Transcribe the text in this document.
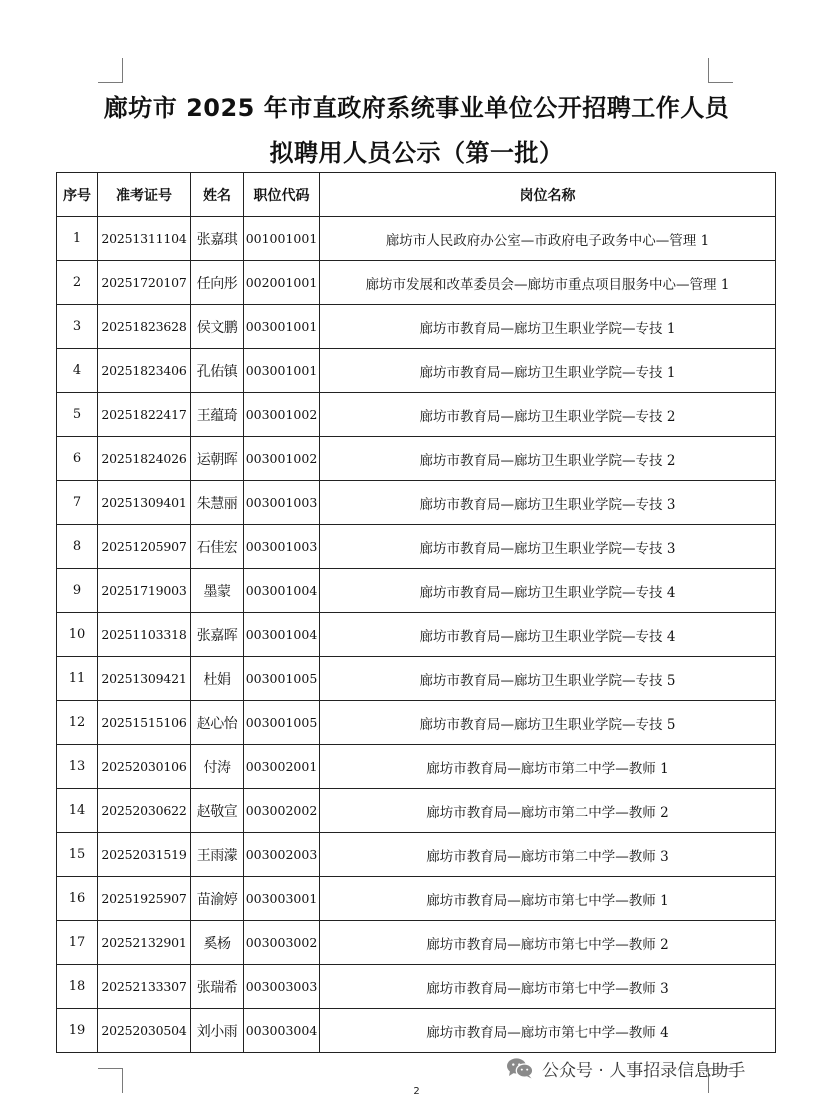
廊坊市 2025 年市直政府系统事业单位公开招聘工作人员
拟聘用人员公示（第一批）
序号	准考证号	姓名	职位代码	岗位名称
1	20251311104	张嘉琪	001001001	廊坊市人民政府办公室—市政府电子政务中心—管理 1
2	20251720107	任向彤	002001001	廊坊市发展和改革委员会—廊坊市重点项目服务中心—管理 1
3	20251823628	侯文鹏	003001001	廊坊市教育局—廊坊卫生职业学院—专技 1
4	20251823406	孔佑镇	003001001	廊坊市教育局—廊坊卫生职业学院—专技 1
5	20251822417	王蕴琦	003001002	廊坊市教育局—廊坊卫生职业学院—专技 2
6	20251824026	运朝晖	003001002	廊坊市教育局—廊坊卫生职业学院—专技 2
7	20251309401	朱慧丽	003001003	廊坊市教育局—廊坊卫生职业学院—专技 3
8	20251205907	石佳宏	003001003	廊坊市教育局—廊坊卫生职业学院—专技 3
9	20251719003	墨蒙	003001004	廊坊市教育局—廊坊卫生职业学院—专技 4
10	20251103318	张嘉晖	003001004	廊坊市教育局—廊坊卫生职业学院—专技 4
11	20251309421	杜娟	003001005	廊坊市教育局—廊坊卫生职业学院—专技 5
12	20251515106	赵心怡	003001005	廊坊市教育局—廊坊卫生职业学院—专技 5
13	20252030106	付涛	003002001	廊坊市教育局—廊坊市第二中学—教师 1
14	20252030622	赵敬宣	003002002	廊坊市教育局—廊坊市第二中学—教师 2
15	20252031519	王雨濛	003002003	廊坊市教育局—廊坊市第二中学—教师 3
16	20251925907	苗渝婷	003003001	廊坊市教育局—廊坊市第七中学—教师 1
17	20252132901	奚杨	003003002	廊坊市教育局—廊坊市第七中学—教师 2
18	20252133307	张瑞希	003003003	廊坊市教育局—廊坊市第七中学—教师 3
19	20252030504	刘小雨	003003004	廊坊市教育局—廊坊市第七中学—教师 4
公众号 · 人事招录信息助手
2
